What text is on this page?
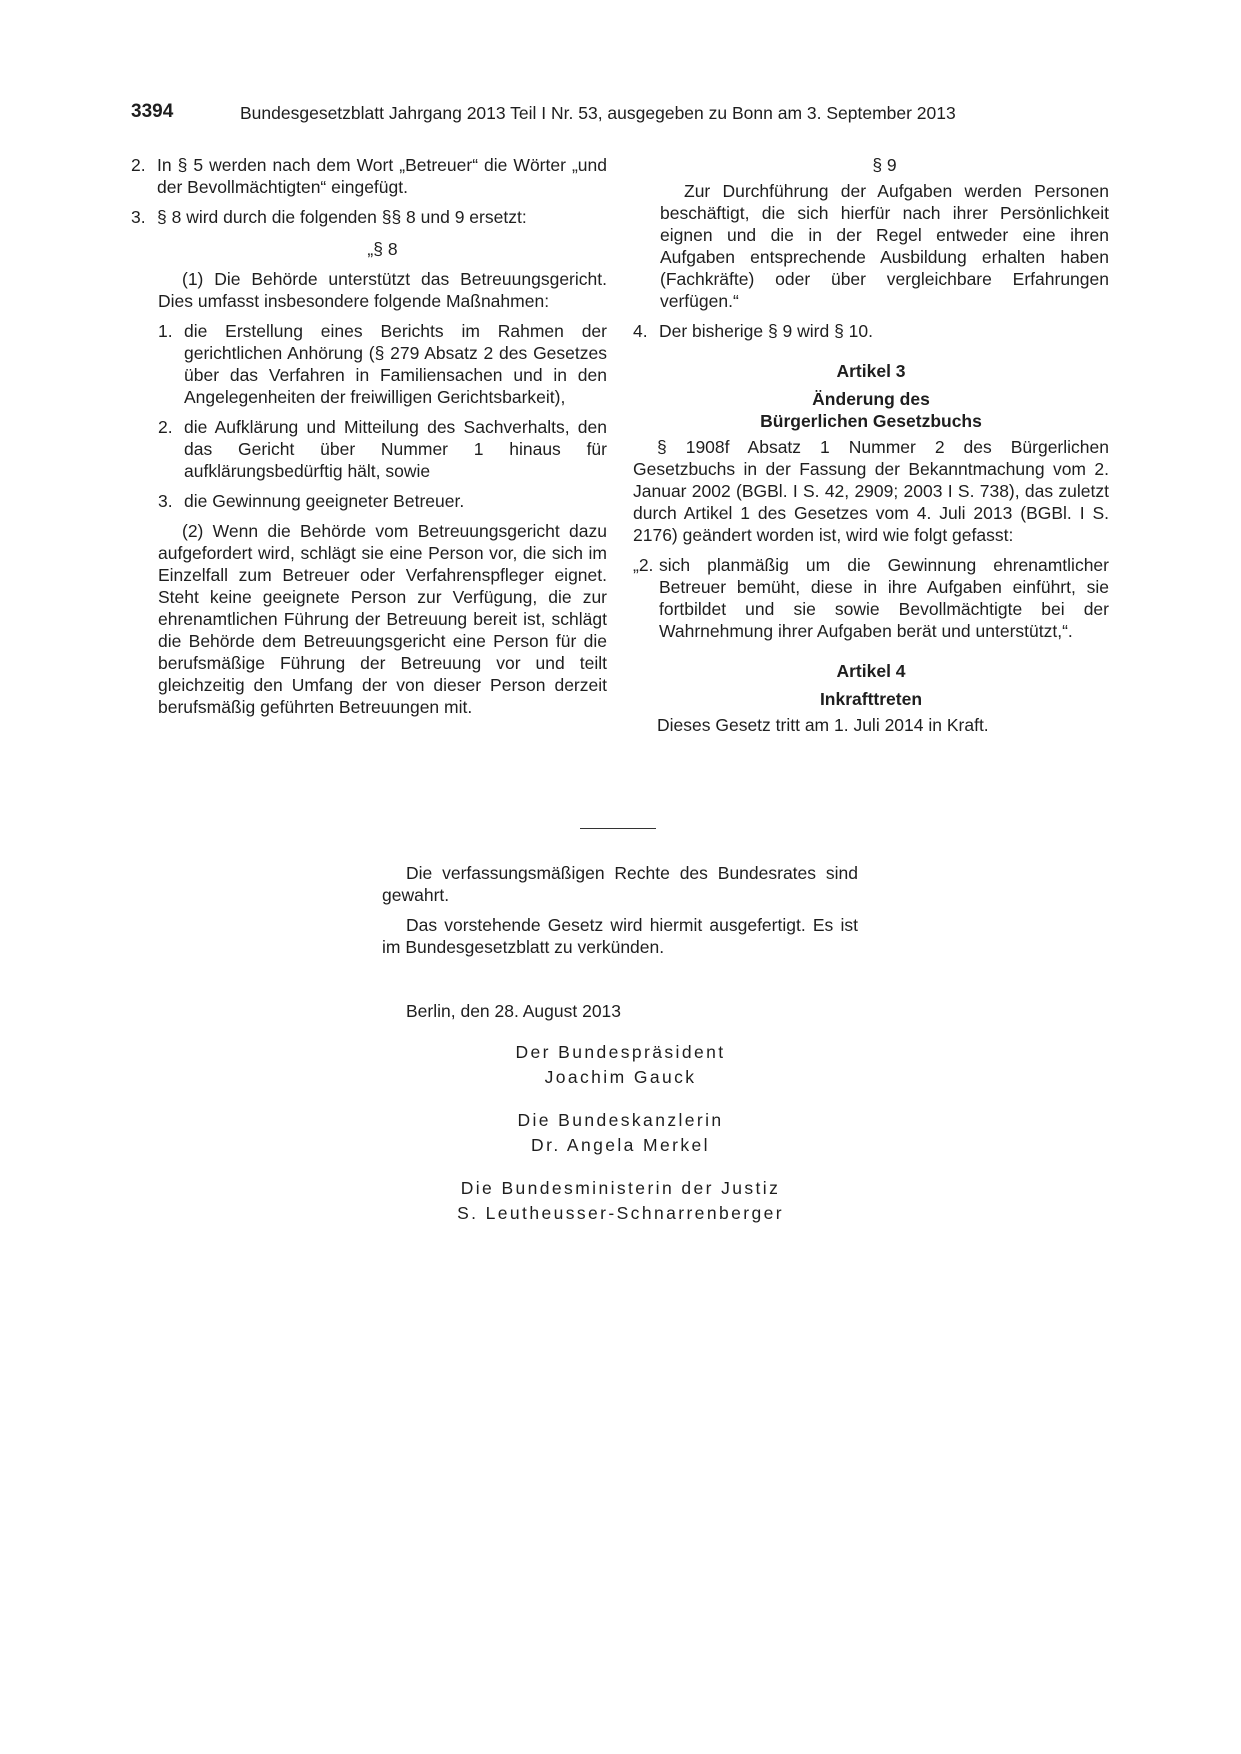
3394	Bundesgesetzblatt Jahrgang 2013 Teil I Nr. 53, ausgegeben zu Bonn am 3. September 2013
2. In § 5 werden nach dem Wort „Betreuer“ die Wörter „und der Bevollmächtigten“ eingefügt.
3. § 8 wird durch die folgenden §§ 8 und 9 ersetzt:

„§ 8

(1) Die Behörde unterstützt das Betreuungsgericht. Dies umfasst insbesondere folgende Maßnahmen:

1. die Erstellung eines Berichts im Rahmen der gerichtlichen Anhörung (§ 279 Absatz 2 des Gesetzes über das Verfahren in Familiensachen und in den Angelegenheiten der freiwilligen Gerichtsbarkeit),
2. die Aufklärung und Mitteilung des Sachverhalts, den das Gericht über Nummer 1 hinaus für aufklärungsbedürftig hält, sowie
3. die Gewinnung geeigneter Betreuer.

(2) Wenn die Behörde vom Betreuungsgericht dazu aufgefordert wird, schlägt sie eine Person vor, die sich im Einzelfall zum Betreuer oder Verfahrenspfleger eignet. Steht keine geeignete Person zur Verfügung, die zur ehrenamtlichen Führung der Betreuung bereit ist, schlägt die Behörde dem Betreuungsgericht eine Person für die berufsmäßige Führung der Betreuung vor und teilt gleichzeitig den Umfang der von dieser Person derzeit berufsmäßig geführten Betreuungen mit.

§ 9

Zur Durchführung der Aufgaben werden Personen beschäftigt, die sich hierfür nach ihrer Persönlichkeit eignen und die in der Regel entweder eine ihren Aufgaben entsprechende Ausbildung erhalten haben (Fachkräfte) oder über vergleichbare Erfahrungen verfügen.“

4. Der bisherige § 9 wird § 10.

Artikel 3

Änderung des

Bürgerlichen Gesetzbuchs

§ 1908f Absatz 1 Nummer 2 des Bürgerlichen Gesetzbuchs in der Fassung der Bekanntmachung vom 2. Januar 2002 (BGBl. I S. 42, 2909; 2003 I S. 738), das zuletzt durch Artikel 1 des Gesetzes vom 4. Juli 2013 (BGBl. I S. 2176) geändert worden ist, wird wie folgt gefasst:

„2. sich planmäßig um die Gewinnung ehrenamtlicher Betreuer bemüht, diese in ihre Aufgaben einführt, sie fortbildet und sie sowie Bevollmächtigte bei der Wahrnehmung ihrer Aufgaben berät und unterstützt,“.

Artikel 4

Inkrafttreten

Dieses Gesetz tritt am 1. Juli 2014 in Kraft.

Die verfassungsmäßigen Rechte des Bundesrates sind gewahrt.

Das vorstehende Gesetz wird hiermit ausgefertigt. Es ist im Bundesgesetzblatt zu verkünden.

Berlin, den 28. August 2013
Der Bundespräsident
Joachim Gauck
Die Bundeskanzlerin
Dr. Angela Merkel
Die Bundesministerin der Justiz
S. Leutheusser-Schnarrenberger
